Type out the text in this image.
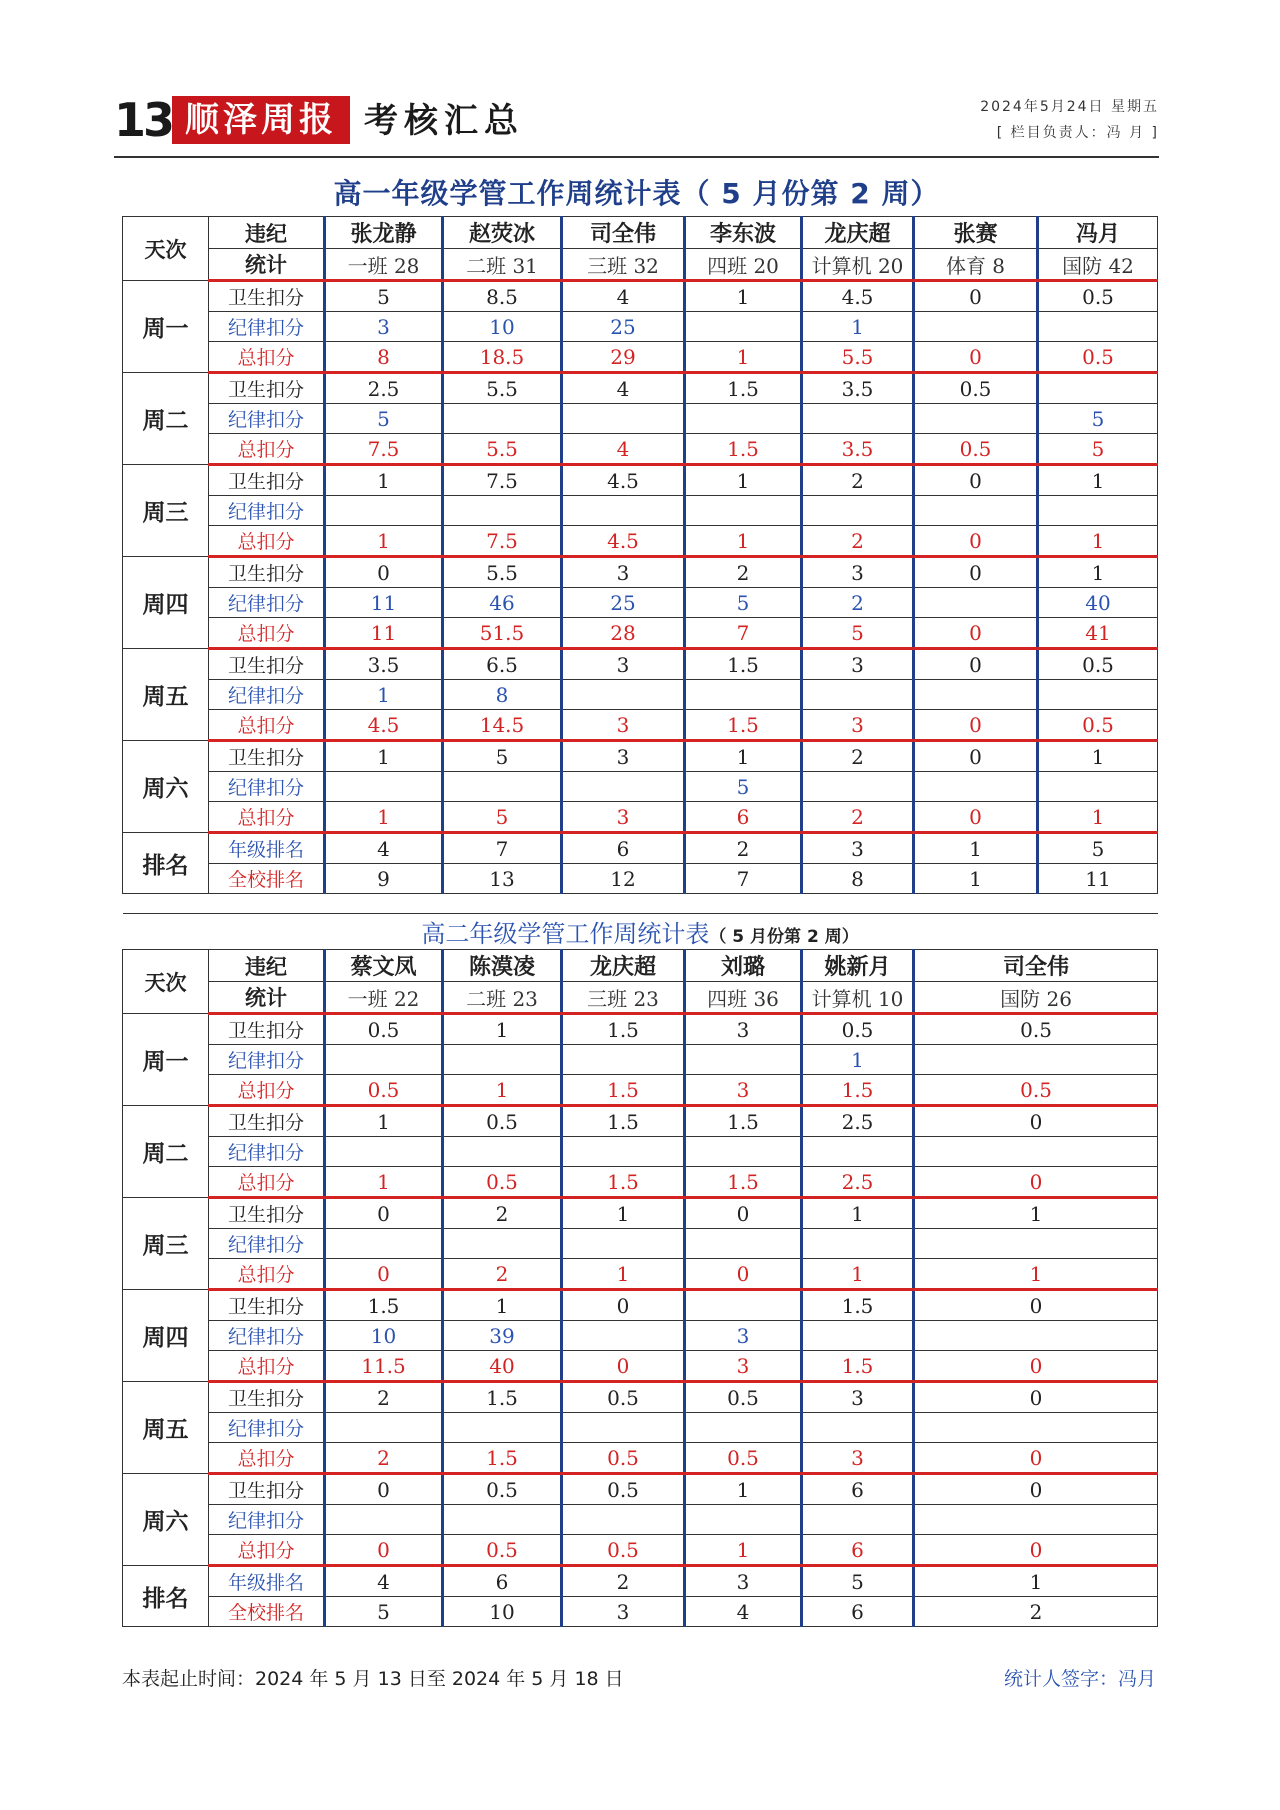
13 顺泽周报 考核汇总	2024年5月24日 星期五
[ 栏目负责人：冯 月 ]
高一年级学管工作周统计表（ 5 月份第 2 周）
天次	违纪	张龙静	赵荧冰	司全伟	李东波	龙庆超	张赛	冯月
	统计	一班 28	二班 31	三班 32	四班 20	计算机 20	体育 8	国防 42
周一	卫生扣分	5	8.5	4	1	4.5	0	0.5
	纪律扣分	3	10	25		1		
	总扣分	8	18.5	29	1	5.5	0	0.5
周二	卫生扣分	2.5	5.5	4	1.5	3.5	0.5	
	纪律扣分	5						5
	总扣分	7.5	5.5	4	1.5	3.5	0.5	5
周三	卫生扣分	1	7.5	4.5	1	2	0	1
	纪律扣分							
	总扣分	1	7.5	4.5	1	2	0	1
周四	卫生扣分	0	5.5	3	2	3	0	1
	纪律扣分	11	46	25	5	2		40
	总扣分	11	51.5	28	7	5	0	41
周五	卫生扣分	3.5	6.5	3	1.5	3	0	0.5
	纪律扣分	1	8					
	总扣分	4.5	14.5	3	1.5	3	0	0.5
周六	卫生扣分	1	5	3	1	2	0	1
	纪律扣分				5			
	总扣分	1	5	3	6	2	0	1
排名	年级排名	4	7	6	2	3	1	5
	全校排名	9	13	12	7	8	1	11
高二年级学管工作周统计表（ 5 月份第 2 周）							
天次	违纪	蔡文凤	陈漠凌	龙庆超	刘璐	姚新月	司全伟
	统计	一班 22	二班 23	三班 23	四班 36	计算机 10	国防 26
周一	卫生扣分	0.5	1	1.5	3	0.5	0.5
	纪律扣分					1	
	总扣分	0.5	1	1.5	3	1.5	0.5
周二	卫生扣分	1	0.5	1.5	1.5	2.5	0
	纪律扣分						
	总扣分	1	0.5	1.5	1.5	2.5	0
周三	卫生扣分	0	2	1	0	1	1
	纪律扣分						
	总扣分	0	2	1	0	1	1
周四	卫生扣分	1.5	1	0		1.5	0
	纪律扣分	10	39		3		
	总扣分	11.5	40	0	3	1.5	0
周五	卫生扣分	2	1.5	0.5	0.5	3	0
	纪律扣分						
	总扣分	2	1.5	0.5	0.5	3	0
周六	卫生扣分	0	0.5	0.5	1	6	0
	纪律扣分						
	总扣分	0	0.5	0.5	1	6	0
排名	年级排名	4	6	2	3	5	1
	全校排名	5	10	3	4	6	2
本表起止时间：2024 年 5 月 13 日至 2024 年 5 月 18 日	统计人签字：冯月
